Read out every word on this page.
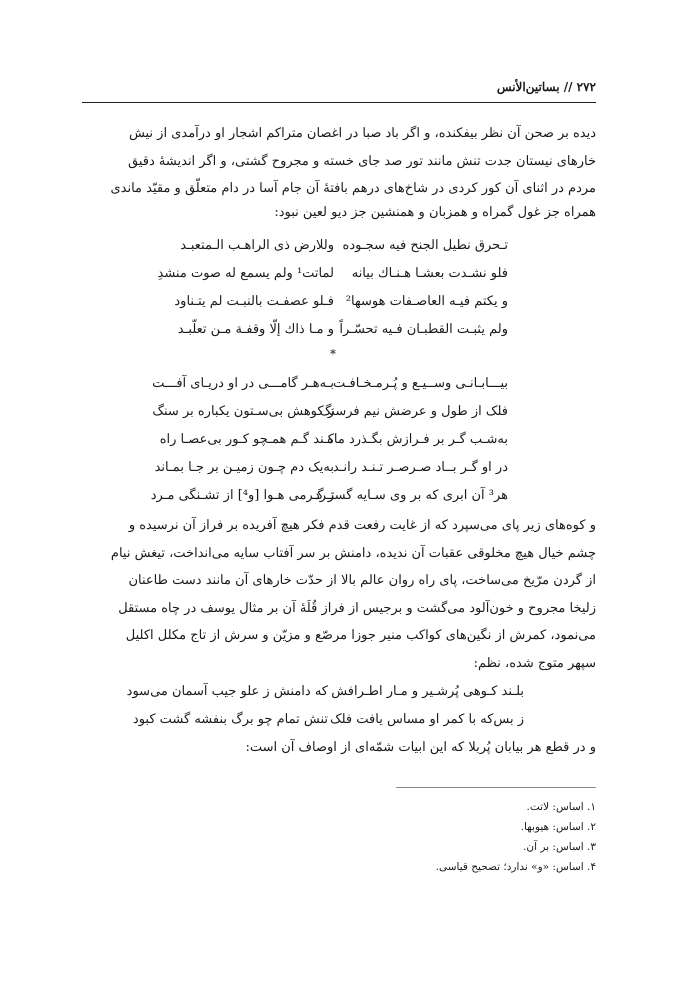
۲۷۲ // بساتین‌الأنس
دیده بر صحن آن نظر بیفکنده، و اگر باد صبا در اغصان متراکم اشجار او درآمدی از نیش
خارهای نیستان جدت تنش مانند تور صد جای خسته و مجروح گشتی، و اگر اندیشهٔ دقیق
مردم در اثنای آن کور کردی در شاخ‌های درهم بافتهٔ آن جام آسا در دام متعلّق و مقیّد ماندی
همراه جز غول گمراه و همزبان و همنشین جز دیو لعین نبود:
تـحرق نطیل الجنح فیه سجـوده
وللارض ذی الراهـب الـمتعبـد
فلو نشـدت بعشـا هـنـاك بیانه
لماتت¹ ولم یسمع له صوت منشدِ
و یکتم فیـه العاصـفات هوسها²
فـلو عصفـت بالنبـت لم یتـناود
ولم یثبـت القطبـان فـیه تحسّـراً
و مـا ذاك إلّا وقفـة مـن تعلّبـد
*
بیـــابـانـی وســیـع و پُـرمـخـافـت
بـه‌هـر گامـــی در او دریـای آفـــت
فلک از طول و عرضش نیم فرسنگ
ز کوهش بی‌سـتون یکباره بر سنگ
به‌شـب گـر بر فـرازش بگـذرد ماه
کـند گـم همـچو کـور بی‌عصـا راه
در او گـر بــاد صـرصـر تـنـد رانـد
به‌یک دم چـون زمیـن بر جـا بمـاند
هر³ آن ابری که بر وی سـایه گستـرد
ز گـرمی هـوا [و⁴] از تشـنگی مـرد
و کوه‌های زیر پای می‌سپرد که از غایت رفعت قدم فکر هیچ آفریده بر فراز آن نرسیده و
چشم خیال هیچ مخلوقی عقبات آن ندیده، دامنش بر سر آفتاب سایه می‌انداخت، تیغش نیام
از گردن مرّیخ می‌ساخت، پای راه روان عالم بالا از حدّت خارهای آن مانند دست طاعنان
زلیخا مجروح و خون‌آلود می‌گشت و برجیس از فراز قُلَهٔ آن بر مثال یوسف در چاه مستقل
می‌نمود، کمرش از نگین‌های کواکب منیر جوزا مرصّع و مزیّن و سرش از تاج مکلل اکلیل
سپهر متوج شده، نظم:
بلـند کـوهی پُرشـیر و مـار اطـرافش
که دامنش ز علو جیب آسمان می‌سود
ز بس‌که با کمر او مساس یافت فلک
تنش تمام چو برگ بنفشه گشت کبود
و در قطع هر بیابان پُربلا که این ابیات شمّه‌ای از اوصاف آن است:
۱. اساس: لاتت.
۲. اساس: هیوبها.
۳. اساس: بر آن.
۴. اساس: «و» ندارد؛ تصحیح قیاسی.
